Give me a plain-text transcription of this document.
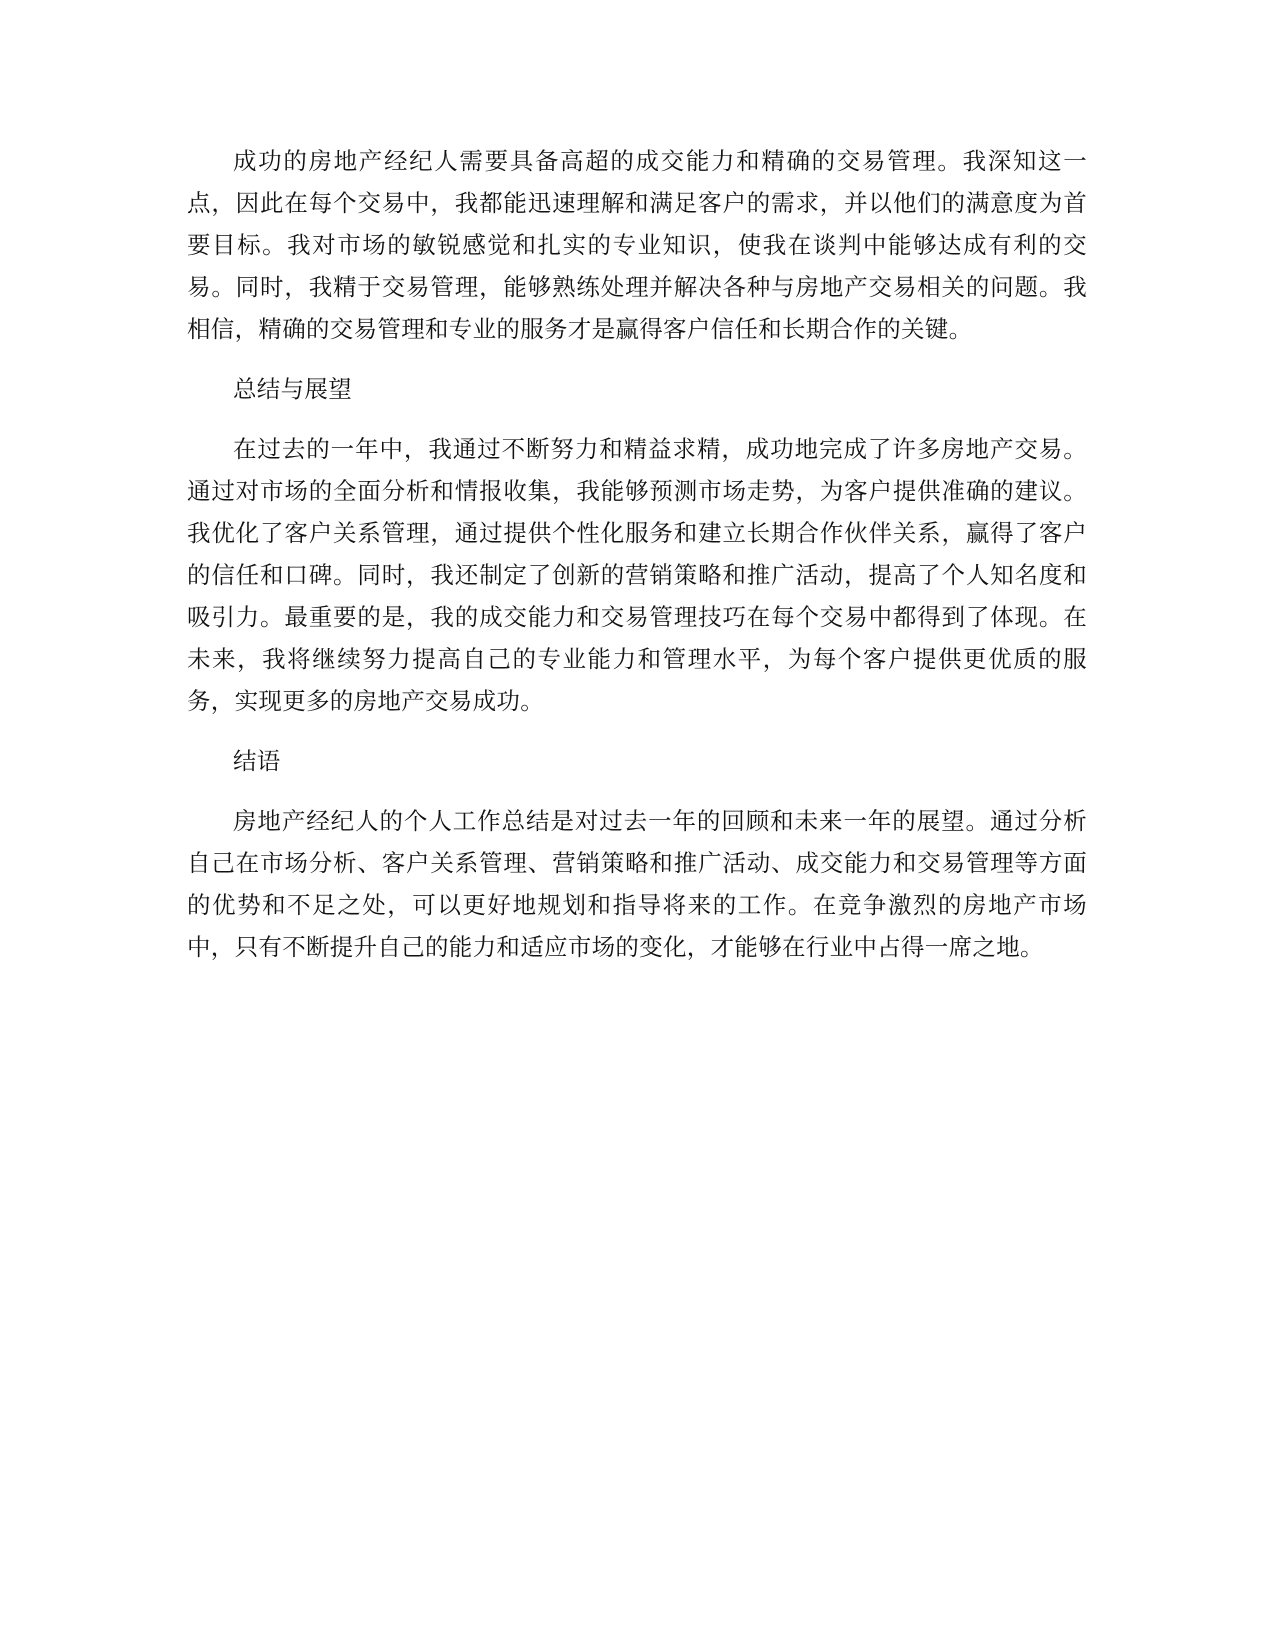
成功的房地产经纪人需要具备高超的成交能力和精确的交易管理。我深知这一点，因此在每个交易中，我都能迅速理解和满足客户的需求，并以他们的满意度为首要目标。我对市场的敏锐感觉和扎实的专业知识，使我在谈判中能够达成有利的交易。同时，我精于交易管理，能够熟练处理并解决各种与房地产交易相关的问题。我相信，精确的交易管理和专业的服务才是赢得客户信任和长期合作的关键。

总结与展望

在过去的一年中，我通过不断努力和精益求精，成功地完成了许多房地产交易。通过对市场的全面分析和情报收集，我能够预测市场走势，为客户提供准确的建议。我优化了客户关系管理，通过提供个性化服务和建立长期合作伙伴关系，赢得了客户的信任和口碑。同时，我还制定了创新的营销策略和推广活动，提高了个人知名度和吸引力。最重要的是，我的成交能力和交易管理技巧在每个交易中都得到了体现。在未来，我将继续努力提高自己的专业能力和管理水平，为每个客户提供更优质的服务，实现更多的房地产交易成功。

结语

房地产经纪人的个人工作总结是对过去一年的回顾和未来一年的展望。通过分析自己在市场分析、客户关系管理、营销策略和推广活动、成交能力和交易管理等方面的优势和不足之处，可以更好地规划和指导将来的工作。在竞争激烈的房地产市场中，只有不断提升自己的能力和适应市场的变化，才能够在行业中占得一席之地。
